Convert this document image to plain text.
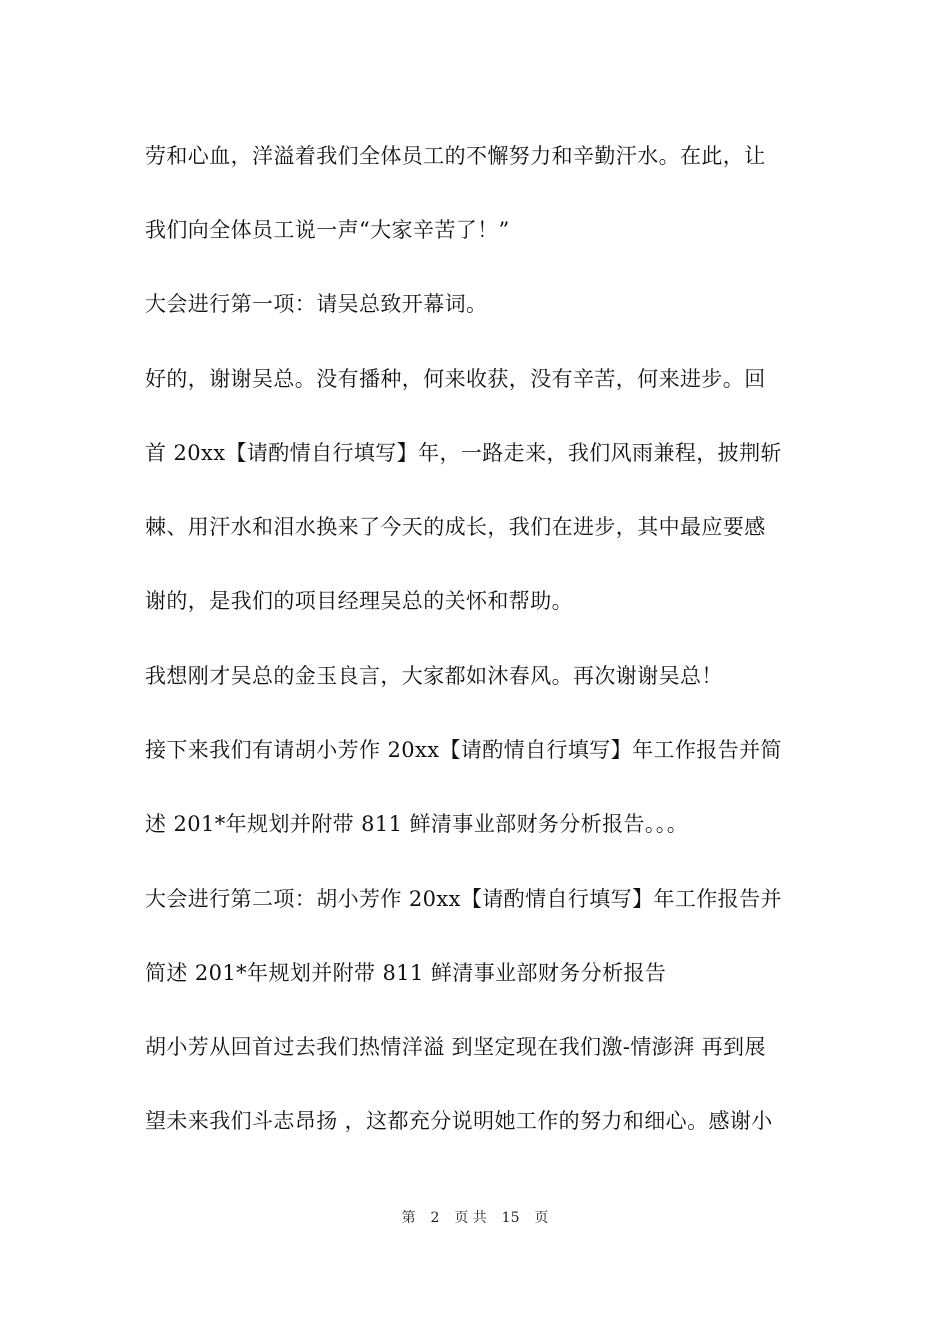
劳和心血，洋溢着我们全体员工的不懈努力和辛勤汗水。在此，让
我们向全体员工说一声“大家辛苦了！”
大会进行第一项：请吴总致开幕词。
好的，谢谢吴总。没有播种，何来收获，没有辛苦，何来进步。回
首 20xx【请酌情自行填写】年，一路走来，我们风雨兼程，披荆斩
棘、用汗水和泪水换来了今天的成长，我们在进步，其中最应要感
谢的，是我们的项目经理吴总的关怀和帮助。
我想刚才吴总的金玉良言，大家都如沐春风。再次谢谢吴总！
接下来我们有请胡小芳作 20xx【请酌情自行填写】年工作报告并简
述 201*年规划并附带 811 鲜清事业部财务分析报告。。。
大会进行第二项：胡小芳作 20xx【请酌情自行填写】年工作报告并
简述 201*年规划并附带 811 鲜清事业部财务分析报告
胡小芳从回首过去我们热情洋溢 到坚定现在我们激-情澎湃 再到展
望未来我们斗志昂扬 ，这都充分说明她工作的努力和细心。感谢小
第 2 页 共 15 页
